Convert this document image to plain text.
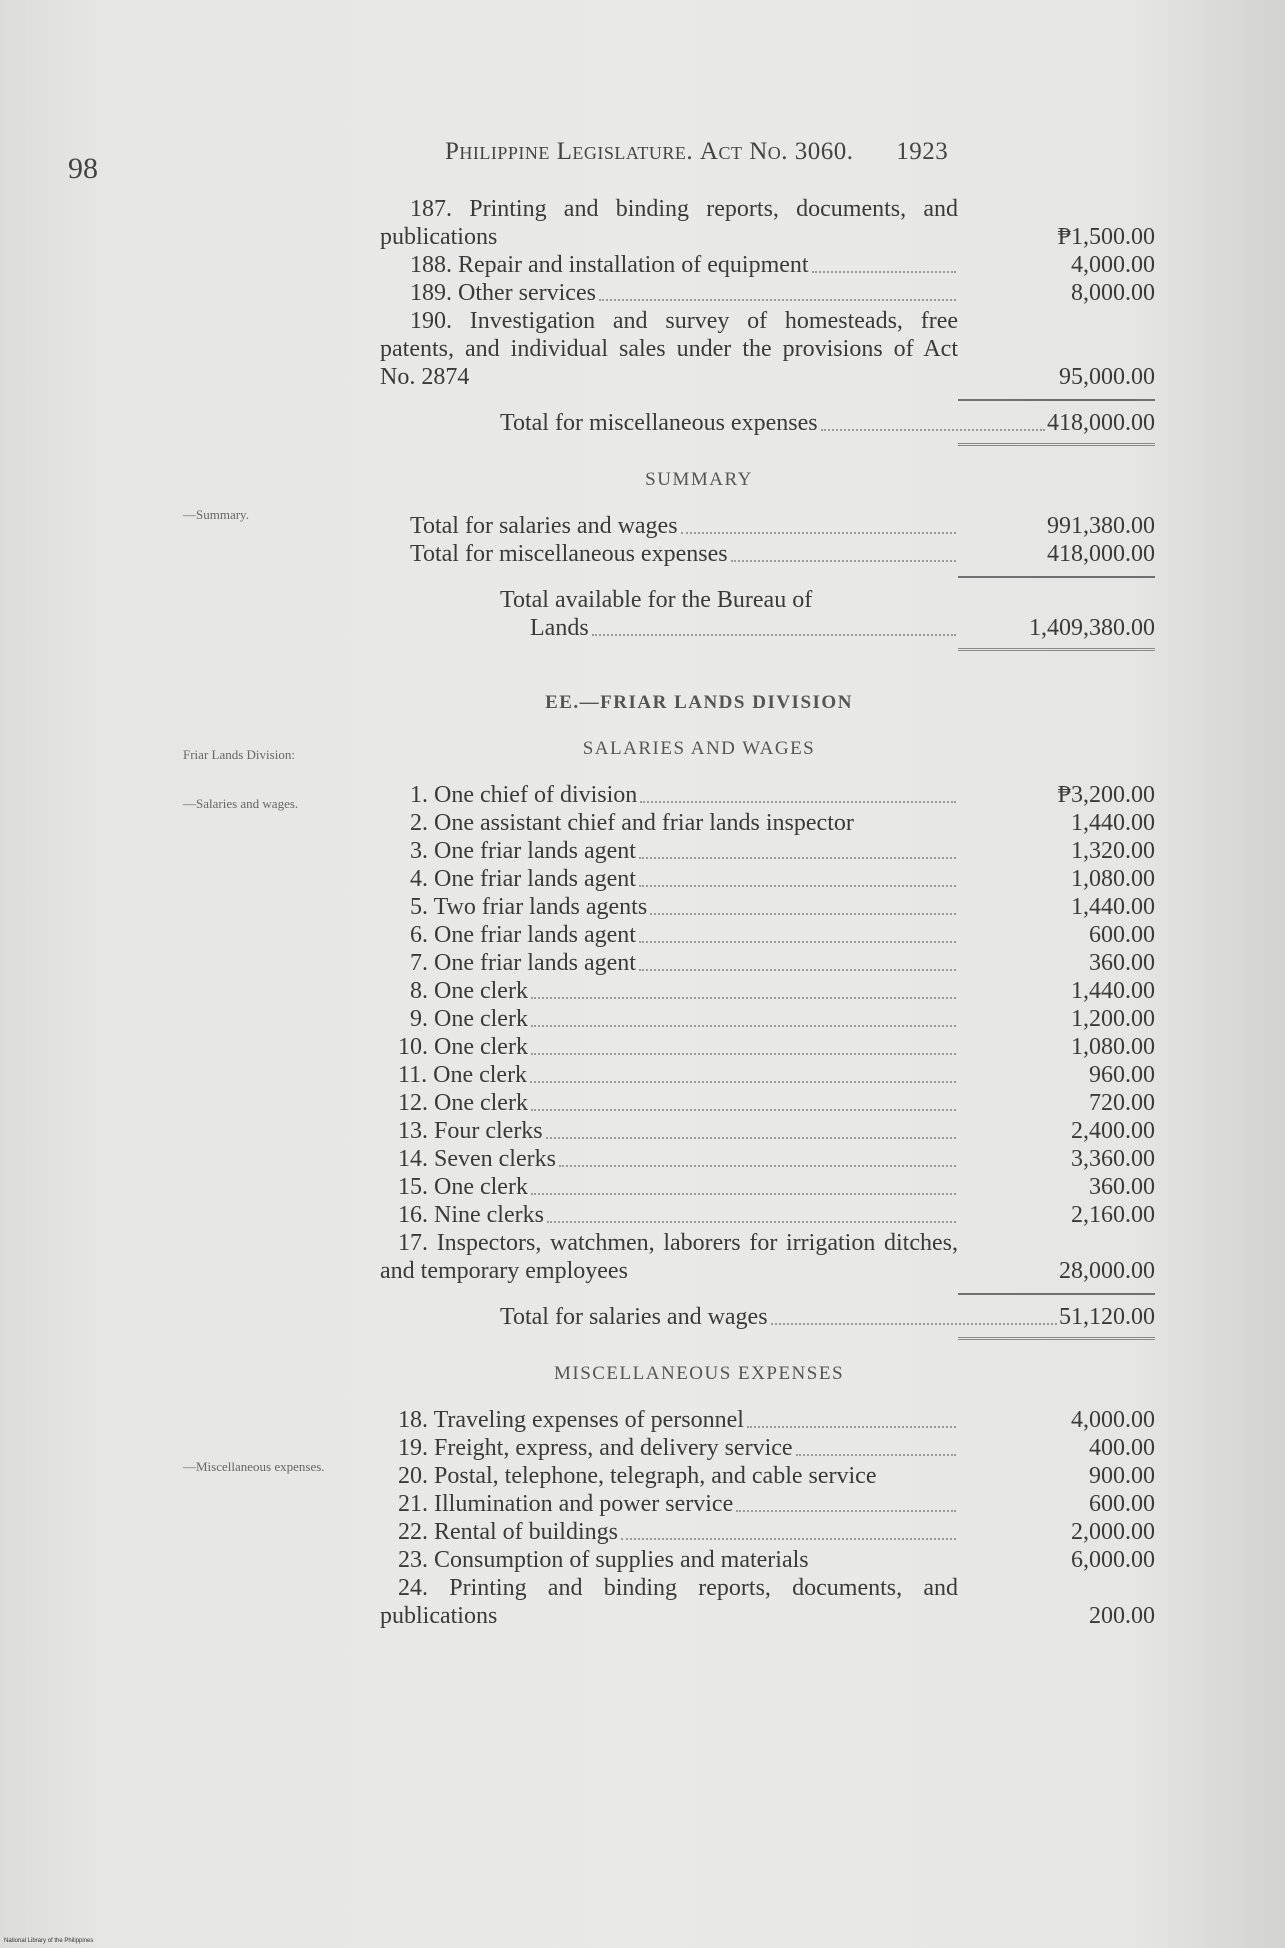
98
Philippine Legislature. Act No. 3060. 1923
—Summary.
Friar Lands Division:
—Salaries and wages.
—Miscellaneous expenses.
187. Printing and binding reports, documents, and publications	₱1,500.00
188. Repair and installation of equipment	4,000.00
189. Other services	8,000.00
190. Investigation and survey of homesteads, free patents, and individual sales under the provisions of Act No. 2874	95,000.00
Total for miscellaneous expenses	418,000.00
SUMMARY
Total for salaries and wages	991,380.00
Total for miscellaneous expenses	418,000.00
Total available for the Bureau of
Lands	1,409,380.00
EE.—FRIAR LANDS DIVISION
SALARIES AND WAGES
1. One chief of division	₱3,200.00
2. One assistant chief and friar lands inspector	1,440.00
3. One friar lands agent	1,320.00
4. One friar lands agent	1,080.00
5. Two friar lands agents	1,440.00
6. One friar lands agent	600.00
7. One friar lands agent	360.00
8. One clerk	1,440.00
9. One clerk	1,200.00
10. One clerk	1,080.00
11. One clerk	960.00
12. One clerk	720.00
13. Four clerks	2,400.00
14. Seven clerks	3,360.00
15. One clerk	360.00
16. Nine clerks	2,160.00
17. Inspectors, watchmen, laborers for irrigation ditches, and temporary employees	28,000.00
Total for salaries and wages	51,120.00
MISCELLANEOUS EXPENSES
18. Traveling expenses of personnel	4,000.00
19. Freight, express, and delivery service	400.00
20. Postal, telephone, telegraph, and cable service	900.00
21. Illumination and power service	600.00
22. Rental of buildings	2,000.00
23. Consumption of supplies and materials	6,000.00
24. Printing and binding reports, documents, and publications	200.00
National Library of the Philippines
